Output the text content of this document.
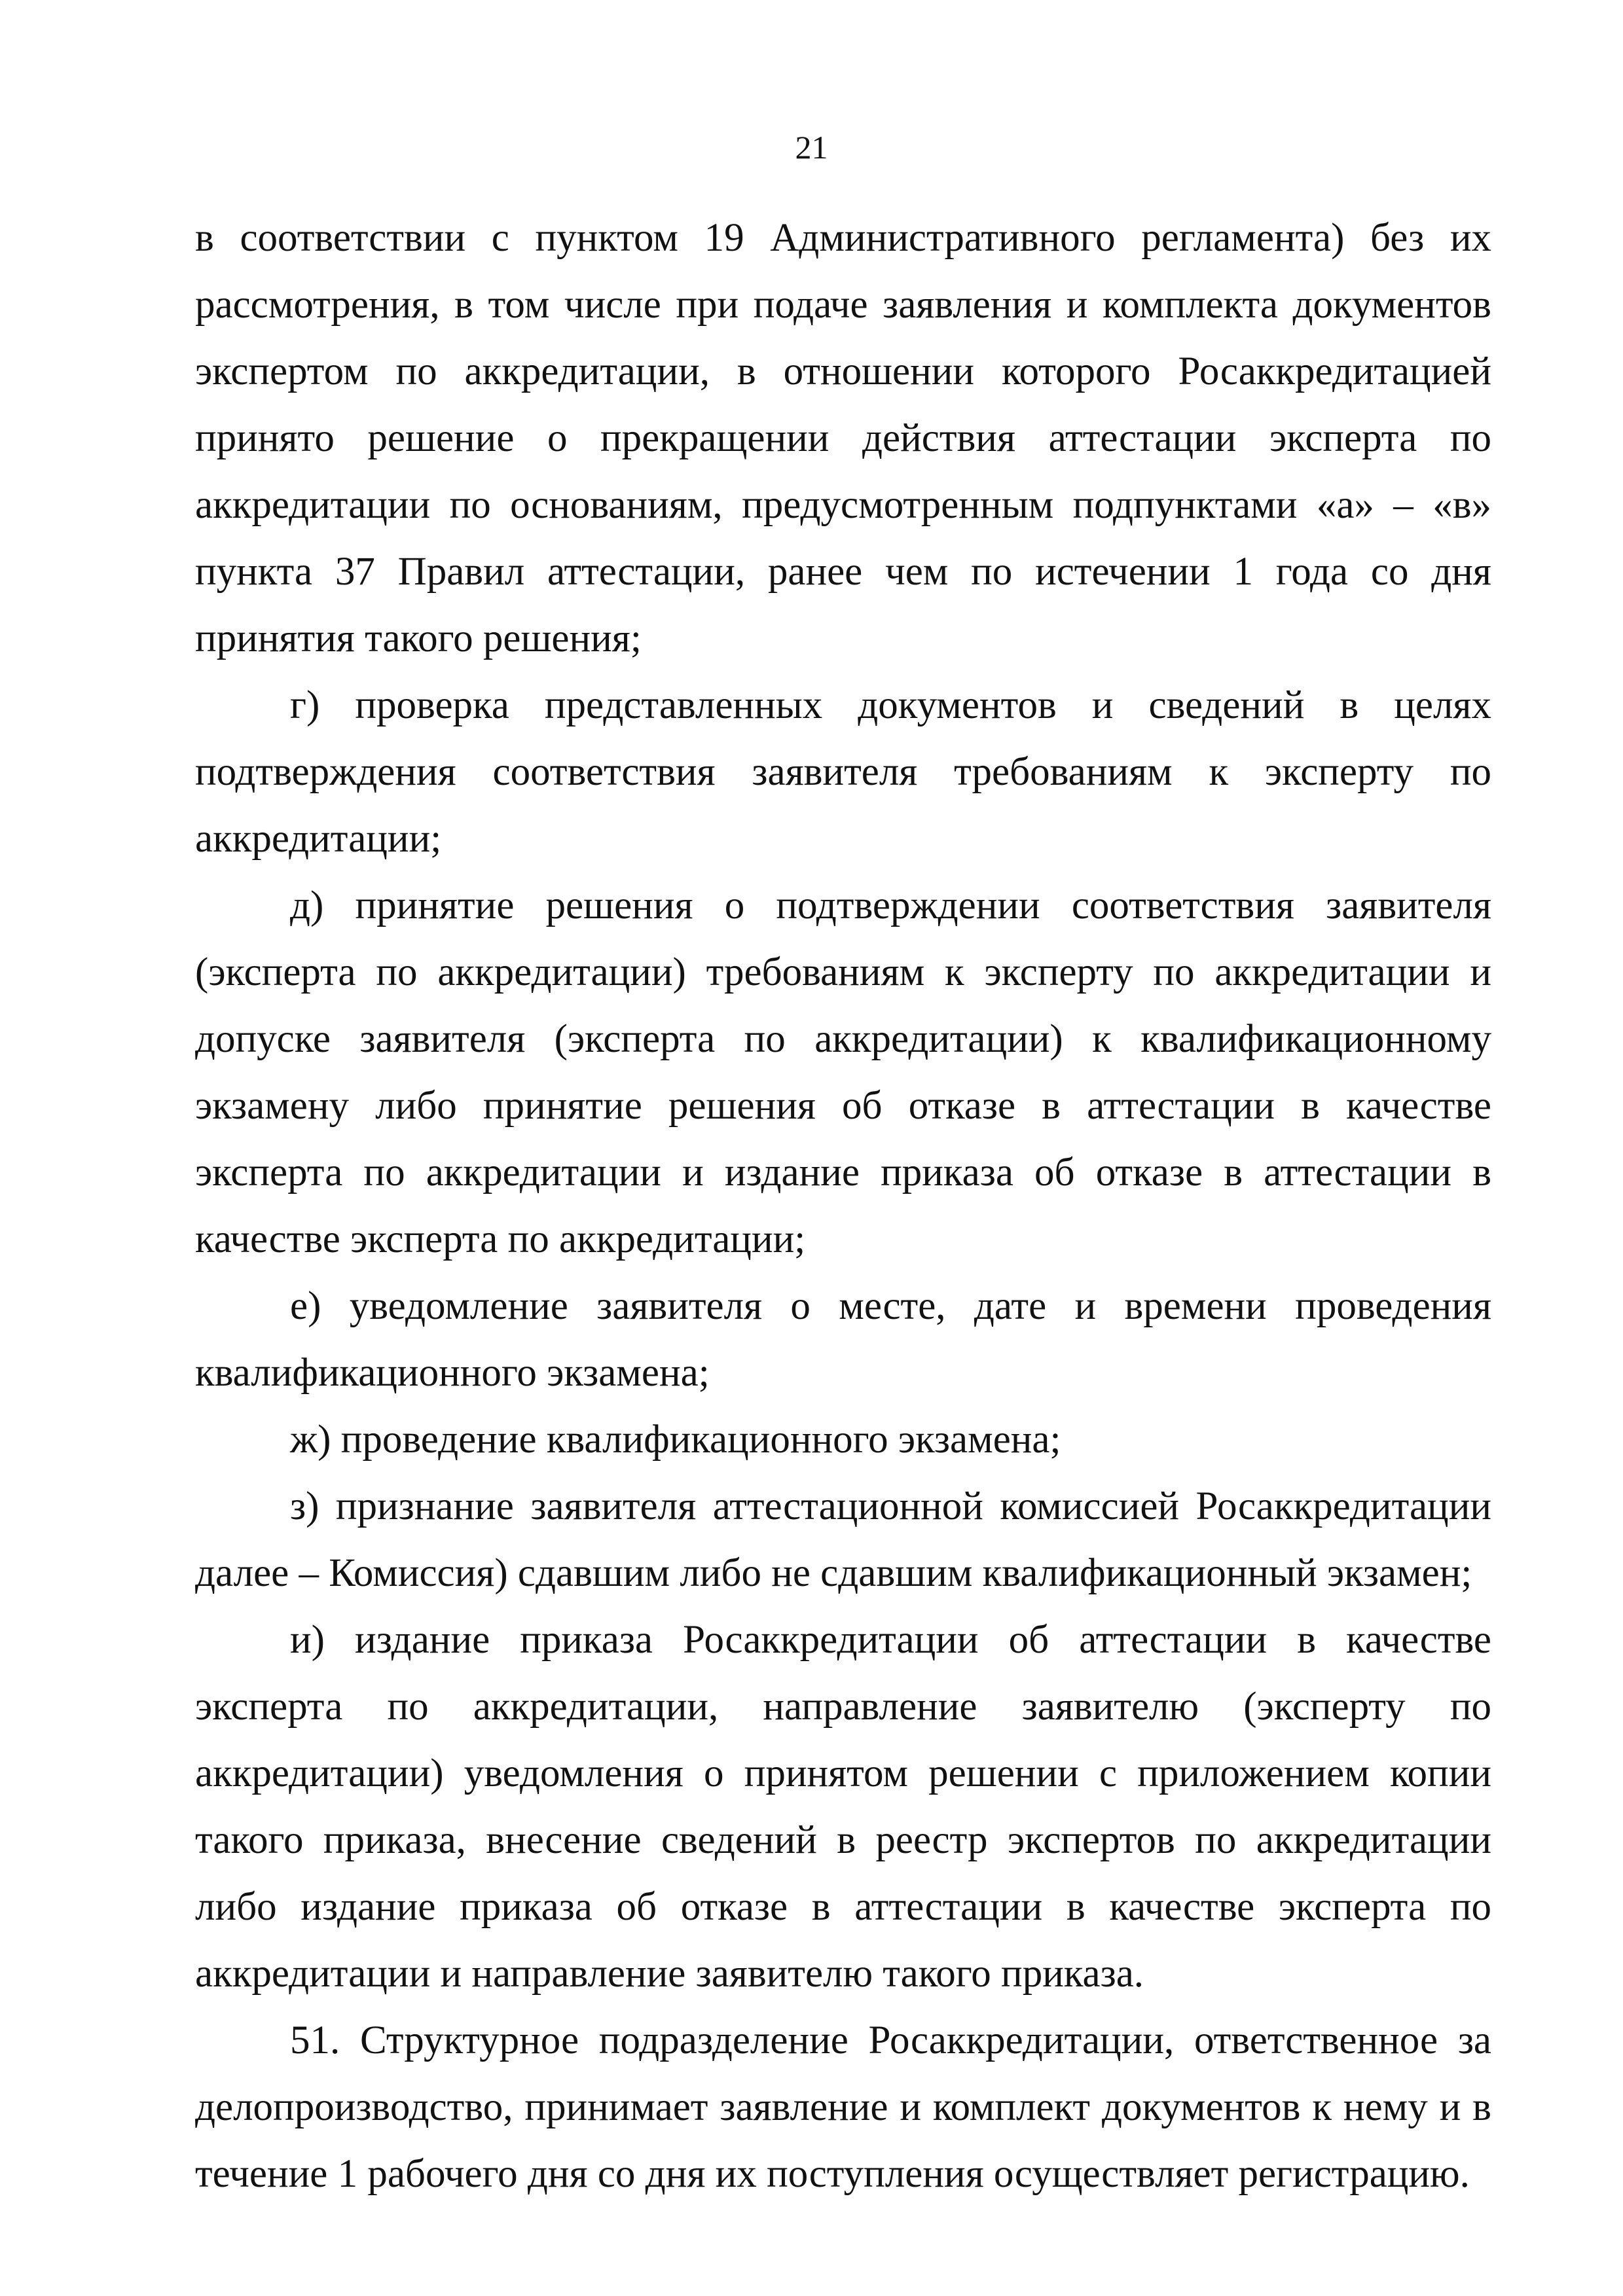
21

в соответствии с пунктом 19 Административного регламента) без их рассмотрения, в том числе при подаче заявления и комплекта документов экспертом по аккредитации, в отношении которого Росаккредитацией принято решение о прекращении действия аттестации эксперта по аккредитации по основаниям, предусмотренным подпунктами «а» – «в» пункта 37 Правил аттестации, ранее чем по истечении 1 года со дня принятия такого решения;

г) проверка представленных документов и сведений в целях подтверждения соответствия заявителя требованиям к эксперту по аккредитации;

д) принятие решения о подтверждении соответствия заявителя (эксперта по аккредитации) требованиям к эксперту по аккредитации и допуске заявителя (эксперта по аккредитации) к квалификационному экзамену либо принятие решения об отказе в аттестации в качестве эксперта по аккредитации и издание приказа об отказе в аттестации в качестве эксперта по аккредитации;

е) уведомление заявителя о месте, дате и времени проведения квалификационного экзамена;

ж) проведение квалификационного экзамена;

з) признание заявителя аттестационной комиссией Росаккредитации далее – Комиссия) сдавшим либо не сдавшим квалификационный экзамен;

и) издание приказа Росаккредитации об аттестации в качестве эксперта по аккредитации, направление заявителю (эксперту по аккредитации) уведомления о принятом решении с приложением копии такого приказа, внесение сведений в реестр экспертов по аккредитации либо издание приказа об отказе в аттестации в качестве эксперта по аккредитации и направление заявителю такого приказа.

51. Структурное подразделение Росаккредитации, ответственное за делопроизводство, принимает заявление и комплект документов к нему и в течение 1 рабочего дня со дня их поступления осуществляет регистрацию.
